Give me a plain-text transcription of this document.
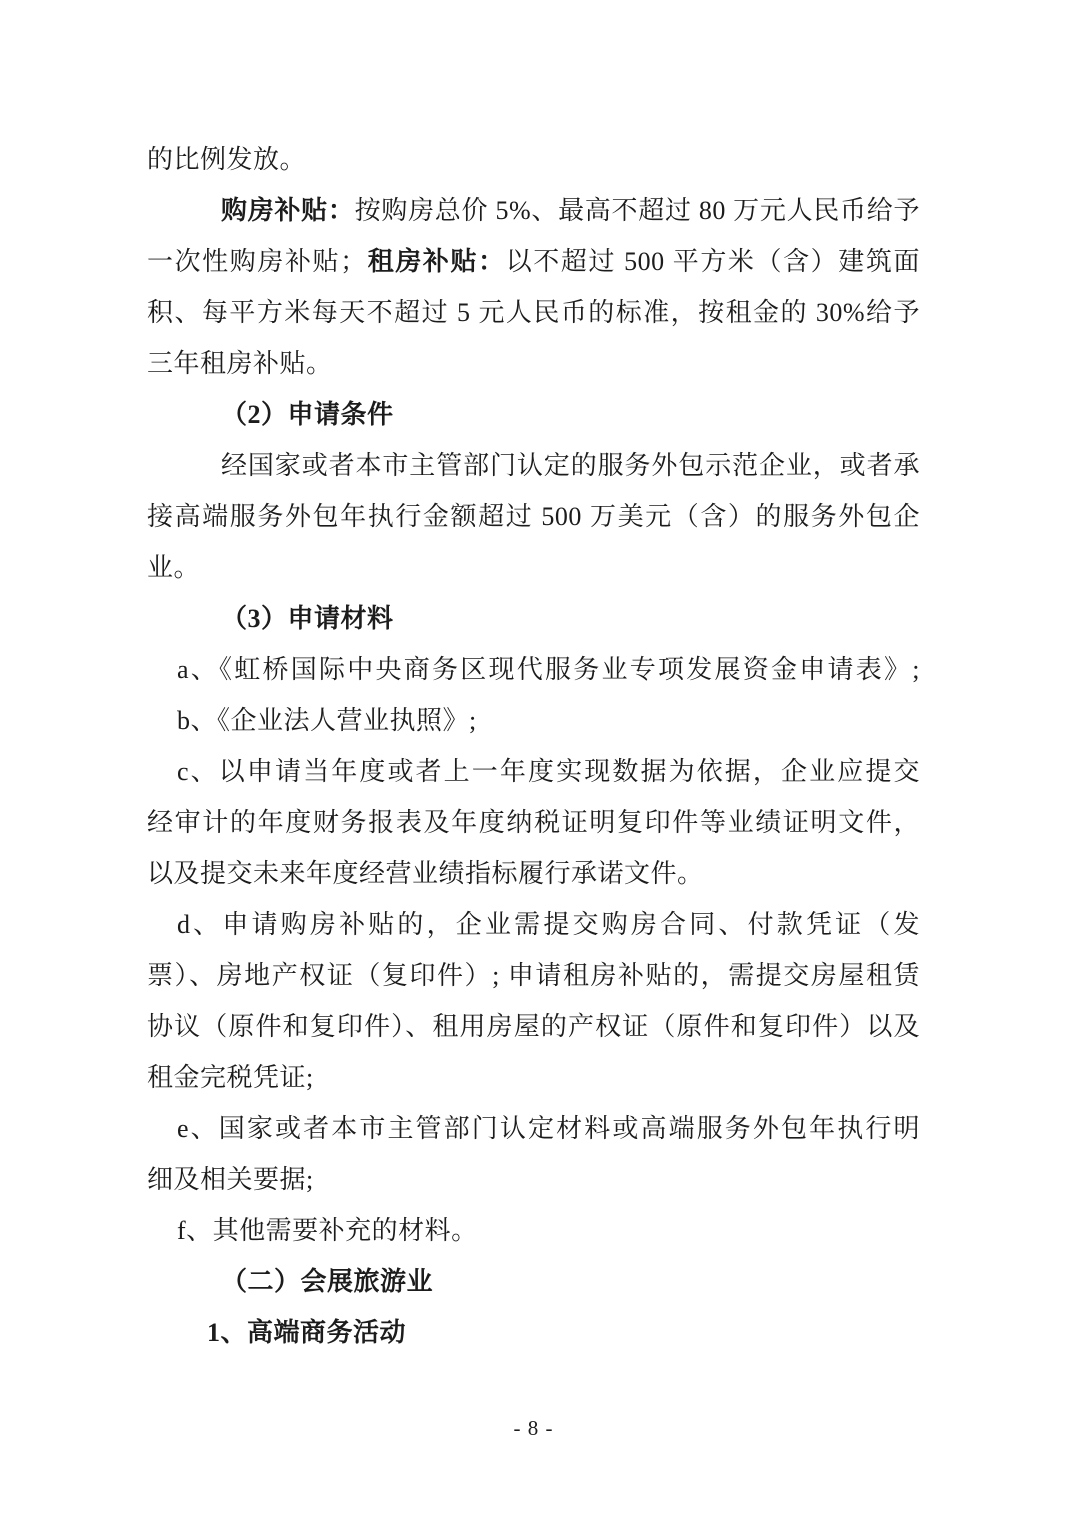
的比例发放。
购房补贴：按购房总价 5%、最高不超过 80 万元人民币给予
一次性购房补贴；租房补贴：以不超过 500 平方米（含）建筑面
积、每平方米每天不超过 5 元人民币的标准，按租金的 30%给予
三年租房补贴。
（2）申请条件
经国家或者本市主管部门认定的服务外包示范企业，或者承
接高端服务外包年执行金额超过 500 万美元（含）的服务外包企
业。
（3）申请材料
a、《虹桥国际中央商务区现代服务业专项发展资金申请表》;
b、《企业法人营业执照》;
c、以申请当年度或者上一年度实现数据为依据，企业应提交
经审计的年度财务报表及年度纳税证明复印件等业绩证明文件，
以及提交未来年度经营业绩指标履行承诺文件。
d、申请购房补贴的，企业需提交购房合同、付款凭证（发
票）、房地产权证（复印件）; 申请租房补贴的，需提交房屋租赁
协议（原件和复印件）、租用房屋的产权证（原件和复印件）以及
租金完税凭证;
e、国家或者本市主管部门认定材料或高端服务外包年执行明
细及相关要据;
f、其他需要补充的材料。
（二）会展旅游业
1、高端商务活动
- 8 -
